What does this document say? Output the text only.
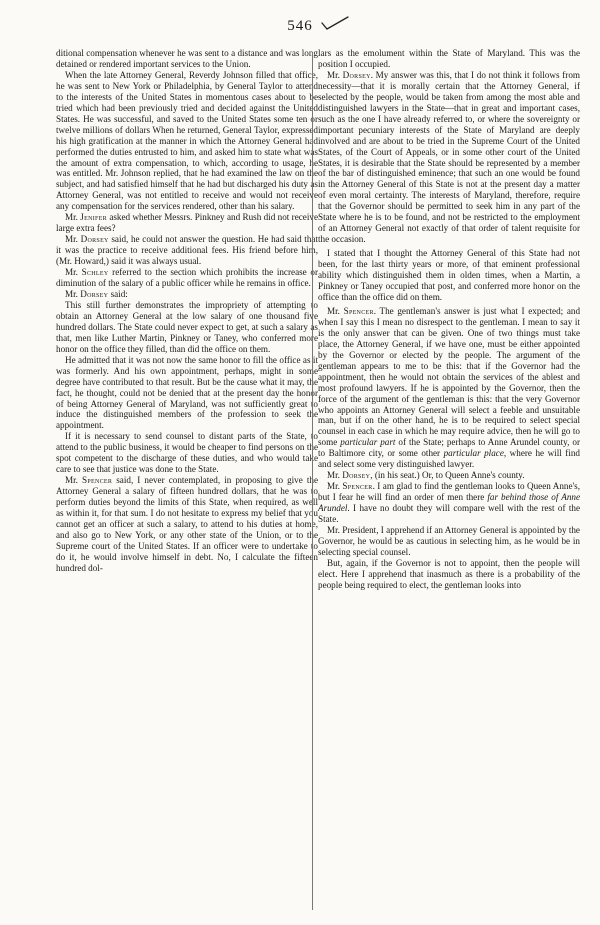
546

ditional compensation whenever he was sent to a distance and was long detained or rendered important services to the Union.

When the late Attorney General, Reverdy Johnson filled that office, he was sent to New York or Philadelphia, by General Taylor to attend to the interests of the United States in momentous cases about to be tried which had been previously tried and decided against the United States. He was successful, and saved to the United States some ten or twelve millions of dollars When he returned, General Taylor, expressed his high gratification at the manner in which the Attorney General had performed the duties entrusted to him, and asked him to state what was the amount of extra compensation, to which, according to usage, he was entitled. Mr. Johnson replied, that he had examined the law on the subject, and had satisfied himself that he had but discharged his duty as Attorney General, was not entitled to receive and would not receive any compensation for the services rendered, other than his salary.

Mr. Jenifer asked whether Messrs. Pinkney and Rush did not receive large extra fees?

Mr. Dorsey said, he could not answer the question. He had said that it was the practice to receive additional fees. His friend before him, (Mr. Howard,) said it was always usual.

Mr. Schley referred to the section which prohibits the increase or diminution of the salary of a public officer while he remains in office.

Mr. Dorsey said:

This still further demonstrates the impropriety of attempting to obtain an Attorney General at the low salary of one thousand five hundred dollars. The State could never expect to get, at such a salary as that, men like Luther Martin, Pinkney or Taney, who conferred more honor on the office they filled, than did the office on them.

He admitted that it was not now the same honor to fill the office as it was formerly. And his own appointment, perhaps, might in some degree have contributed to that result. But be the cause what it may, the fact, he thought, could not be denied that at the present day the honor of being Attorney General of Maryland, was not sufficiently great to induce the distinguished members of the profession to seek the appointment.

If it is necessary to send counsel to distant parts of the State, to attend to the public business, it would be cheaper to find persons on the spot competent to the discharge of these duties, and who would take care to see that justice was done to the State.

Mr. Spencer said, I never contemplated, in proposing to give the Attorney General a salary of fifteen hundred dollars, that he was to perform duties beyond the limits of this State, when required, as well as within it, for that sum. I do not hesitate to express my belief that you cannot get an officer at such a salary, to attend to his duties at home, and also go to New York, or any other state of the Union, or to the Supreme court of the United States. If an officer were to undertake to do it, he would involve himself in debt. No, I calculate the fifteen hundred dol-

lars as the emolument within the State of Maryland. This was the position I occupied.

Mr. Dorsey. My answer was this, that I do not think it follows from necessity—that it is morally certain that the Attorney General, if selected by the people, would be taken from among the most able and distinguished lawyers in the State—that in great and important cases, such as the one I have already referred to, or where the sovereignty or important pecuniary interests of the State of Maryland are deeply involved and are about to be tried in the Supreme Court of the United States, of the Court of Appeals, or in some other court of the United States, it is desirable that the State should be represented by a member of the bar of distinguished eminence; that such an one would be found in the Attorney General of this State is not at the present day a matter of even moral certainty. The interests of Maryland, therefore, require that the Governor should be permitted to seek him in any part of the State where he is to be found, and not be restricted to the employment of an Attorney General not exactly of that order of talent requisite for the occasion.

I stated that I thought the Attorney General of this State had not been, for the last thirty years or more, of that eminent professional ability which distinguished them in olden times, when a Martin, a Pinkney or Taney occupied that post, and conferred more honor on the office than the office did on them.

Mr. Spencer. The gentleman's answer is just what I expected; and when I say this I mean no disrespect to the gentleman. I mean to say it is the only answer that can be given. One of two things must take place, the Attorney General, if we have one, must be either appointed by the Governor or elected by the people. The argument of the gentleman appears to me to be this: that if the Governor had the appointment, then he would not obtain the services of the ablest and most profound lawyers. If he is appointed by the Governor, then the force of the argument of the gentleman is this: that the very Governor who appoints an Attorney General will select a feeble and unsuitable man, but if on the other hand, he is to be required to select special counsel in each case in which he may require advice, then he will go to some particular part of the State; perhaps to Anne Arundel county, or to Baltimore city, or some other particular place, where he will find and select some very distinguished lawyer.

Mr. Dorsey, (in his seat.) Or, to Queen Anne's county.

Mr. Spencer. I am glad to find the gentleman looks to Queen Anne's, but I fear he will find an order of men there far behind those of Anne Arundel. I have no doubt they will compare well with the rest of the State.

Mr. President, I apprehend if an Attorney General is appointed by the Governor, he would be as cautious in selecting him, as he would be in selecting special counsel.

But, again, if the Governor is not to appoint, then the people will elect. Here I apprehend that inasmuch as there is a probability of the people being required to elect, the gentleman looks into
